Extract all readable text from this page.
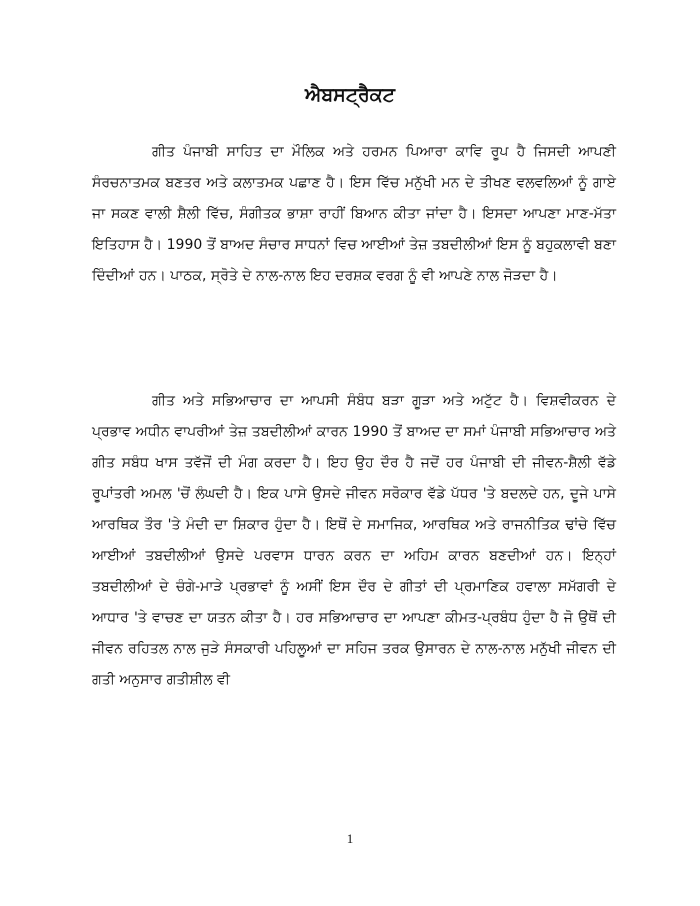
ਐਬਸਟ੍ਰੈਕਟ

ਗੀਤ ਪੰਜਾਬੀ ਸਾਹਿਤ ਦਾ ਮੌਲਿਕ ਅਤੇ ਹਰਮਨ ਪਿਆਰਾ ਕਾਵਿ ਰੂਪ ਹੈ ਜਿਸਦੀ ਆਪਣੀ ਸੰਰਚਨਾਤਮਕ ਬਣਤਰ ਅਤੇ ਕਲਾਤਮਕ ਪਛਾਣ ਹੈ। ਇਸ ਵਿੱਚ ਮਨੁੱਖੀ ਮਨ ਦੇ ਤੀਖਣ ਵਲਵਲਿਆਂ ਨੂੰ ਗਾਏ ਜਾ ਸਕਣ ਵਾਲੀ ਸ਼ੈਲੀ ਵਿੱਚ, ਸੰਗੀਤਕ ਭਾਸ਼ਾ ਰਾਹੀਂ ਬਿਆਨ ਕੀਤਾ ਜਾਂਦਾ ਹੈ। ਇਸਦਾ ਆਪਣਾ ਮਾਣ-ਮੱਤਾ ਇਤਿਹਾਸ ਹੈ। 1990 ਤੋਂ ਬਾਅਦ ਸੰਚਾਰ ਸਾਧਨਾਂ ਵਿਚ ਆਈਆਂ ਤੇਜ਼ ਤਬਦੀਲੀਆਂ ਇਸ ਨੂੰ ਬਹੁਕਲਾਵੀ ਬਣਾ ਦਿੰਦੀਆਂ ਹਨ। ਪਾਠਕ, ਸ੍ਰੋਤੇ ਦੇ ਨਾਲ-ਨਾਲ ਇਹ ਦਰਸ਼ਕ ਵਰਗ ਨੂੰ ਵੀ ਆਪਣੇ ਨਾਲ ਜੋੜਦਾ ਹੈ।

ਗੀਤ ਅਤੇ ਸਭਿਆਚਾਰ ਦਾ ਆਪਸੀ ਸੰਬੰਧ ਬੜਾ ਗੂੜਾ ਅਤੇ ਅਟੁੱਟ ਹੈ। ਵਿਸ਼ਵੀਕਰਨ ਦੇ ਪ੍ਰਭਾਵ ਅਧੀਨ ਵਾਪਰੀਆਂ ਤੇਜ਼ ਤਬਦੀਲੀਆਂ ਕਾਰਨ 1990 ਤੋਂ ਬਾਅਦ ਦਾ ਸਮਾਂ ਪੰਜਾਬੀ ਸਭਿਆਚਾਰ ਅਤੇ ਗੀਤ ਸਬੰਧ ਖਾਸ ਤਵੱਜੋਂ ਦੀ ਮੰਗ ਕਰਦਾ ਹੈ। ਇਹ ਉਹ ਦੌਰ ਹੈ ਜਦੋਂ ਹਰ ਪੰਜਾਬੀ ਦੀ ਜੀਵਨ-ਸ਼ੈਲੀ ਵੱਡੇ ਰੂਪਾਂਤਰੀ ਅਮਲ 'ਚੋਂ ਲੰਘਦੀ ਹੈ। ਇਕ ਪਾਸੇ ਉਸਦੇ ਜੀਵਨ ਸਰੋਕਾਰ ਵੱਡੇ ਪੱਧਰ 'ਤੇ ਬਦਲਦੇ ਹਨ, ਦੂਜੇ ਪਾਸੇ ਆਰਥਿਕ ਤੌਰ 'ਤੇ ਮੰਦੀ ਦਾ ਸ਼ਿਕਾਰ ਹੁੰਦਾ ਹੈ। ਇਥੋਂ ਦੇ ਸਮਾਜਿਕ, ਆਰਥਿਕ ਅਤੇ ਰਾਜਨੀਤਿਕ ਢਾਂਚੇ ਵਿੱਚ ਆਈਆਂ ਤਬਦੀਲੀਆਂ ਉਸਦੇ ਪਰਵਾਸ ਧਾਰਨ ਕਰਨ ਦਾ ਅਹਿਮ ਕਾਰਨ ਬਣਦੀਆਂ ਹਨ। ਇਨ੍ਹਾਂ ਤਬਦੀਲੀਆਂ ਦੇ ਚੰਗੇ-ਮਾੜੇ ਪ੍ਰਭਾਵਾਂ ਨੂੰ ਅਸੀਂ ਇਸ ਦੌਰ ਦੇ ਗੀਤਾਂ ਦੀ ਪ੍ਰਮਾਣਿਕ ਹਵਾਲਾ ਸਮੱਗਰੀ ਦੇ ਆਧਾਰ 'ਤੇ ਵਾਚਣ ਦਾ ਯਤਨ ਕੀਤਾ ਹੈ। ਹਰ ਸਭਿਆਚਾਰ ਦਾ ਆਪਣਾ ਕੀਮਤ-ਪ੍ਰਬੰਧ ਹੁੰਦਾ ਹੈ ਜੋ ਉਥੋਂ ਦੀ ਜੀਵਨ ਰਹਿਤਲ ਨਾਲ ਜੁੜੇ ਸੰਸਕਾਰੀ ਪਹਿਲੂਆਂ ਦਾ ਸਹਿਜ ਤਰਕ ਉਸਾਰਨ ਦੇ ਨਾਲ-ਨਾਲ ਮਨੁੱਖੀ ਜੀਵਨ ਦੀ ਗਤੀ ਅਨੁਸਾਰ ਗਤੀਸ਼ੀਲ ਵੀ

1
